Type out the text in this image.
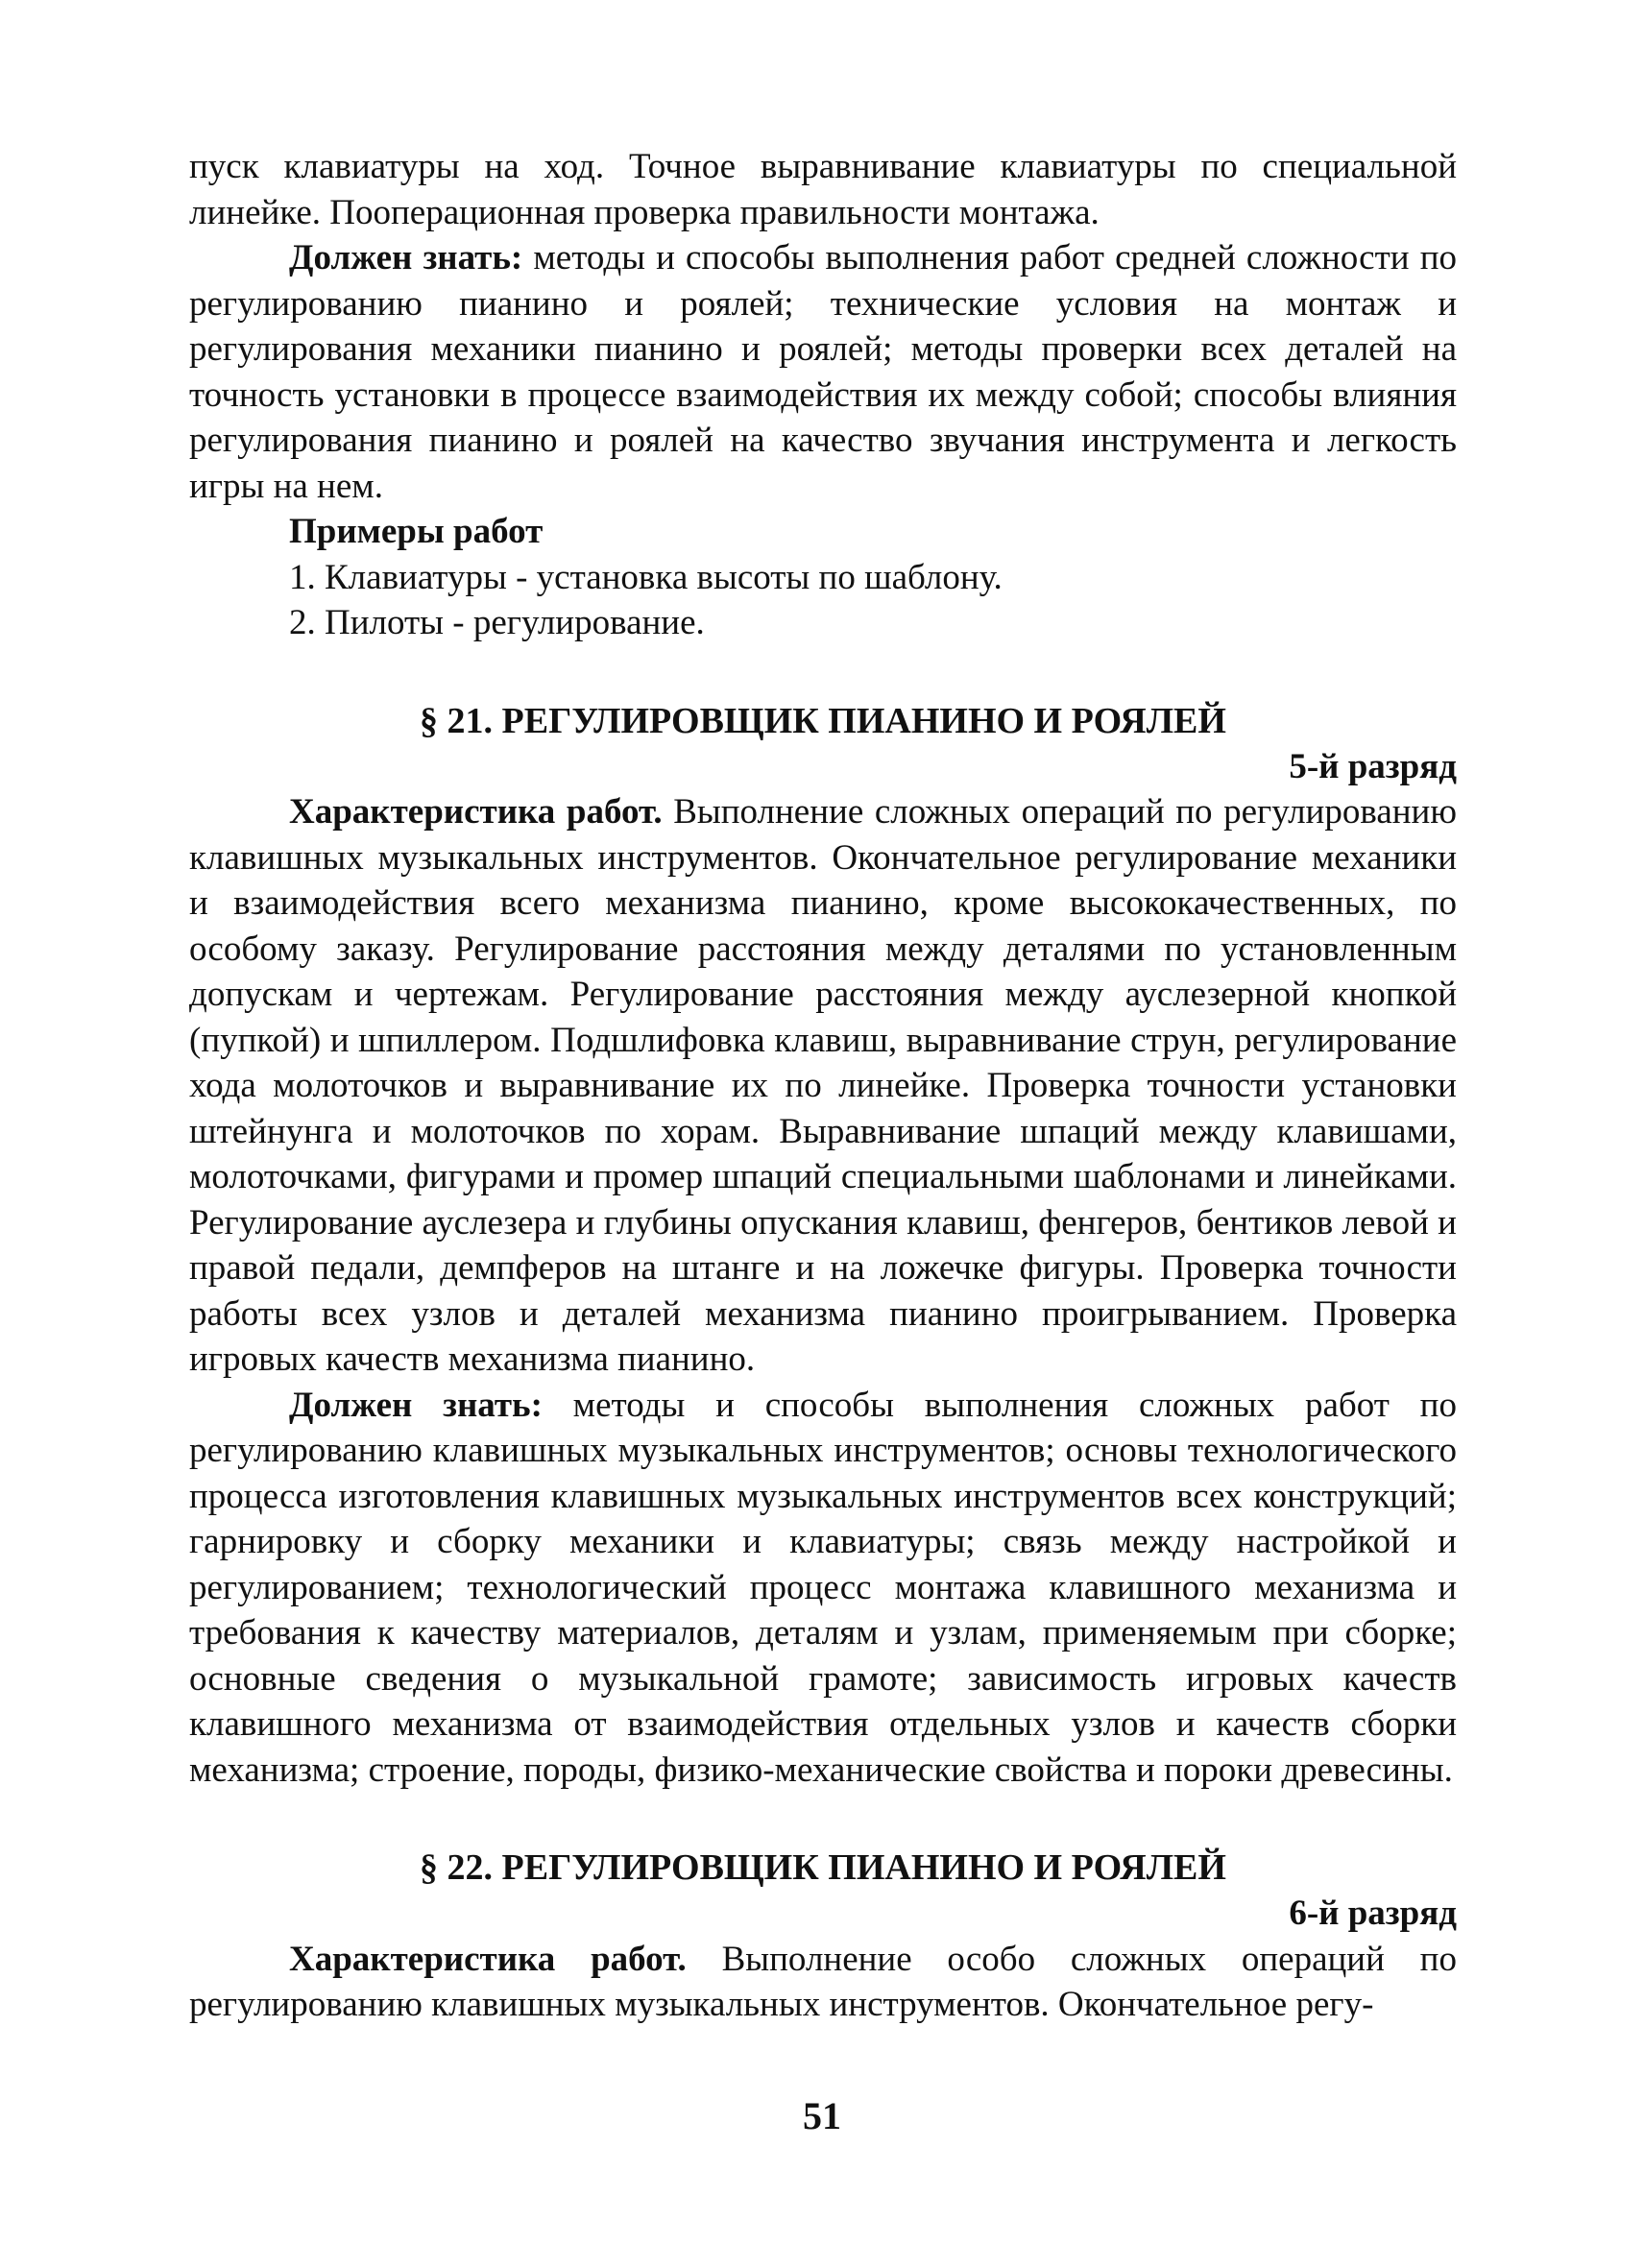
пуск клавиатуры на ход. Точное выравнивание клавиатуры по специальной линейке. Пооперационная проверка правильности монтажа.

Должен знать: методы и способы выполнения работ средней сложности по регулированию пианино и роялей; технические условия на монтаж и регулирования механики пианино и роялей; методы проверки всех деталей на точность установки в процессе взаимодействия их между собой; способы влияния регулирования пианино и роялей на качество звучания инструмента и легкость игры на нем.

Примеры работ

1. Клавиатуры - установка высоты по шаблону.

2. Пилоты - регулирование.

§ 21. РЕГУЛИРОВЩИК ПИАНИНО И РОЯЛЕЙ

5-й разряд

Характеристика работ. Выполнение сложных операций по регулированию клавишных музыкальных инструментов. Окончательное регулирование механики и взаимодействия всего механизма пианино, кроме высококачественных, по особому заказу. Регулирование расстояния между деталями по установленным допускам и чертежам. Регулирование расстояния между ауслезерной кнопкой (пупкой) и шпиллером. Подшлифовка клавиш, выравнивание струн, регулирование хода молоточков и выравнивание их по линейке. Проверка точности установки штейнунга и молоточков по хорам. Выравнивание шпаций между клавишами, молоточками, фигурами и промер шпаций специальными шаблонами и линейками. Регулирование ауслезера и глубины опускания клавиш, фенгеров, бентиков левой и правой педали, демпферов на штанге и на ложечке фигуры. Проверка точности работы всех узлов и деталей механизма пианино проигрыванием. Проверка игровых качеств механизма пианино.

Должен знать: методы и способы выполнения сложных работ по регулированию клавишных музыкальных инструментов; основы технологического процесса изготовления клавишных музыкальных инструментов всех конструкций; гарнировку и сборку механики и клавиатуры; связь между настройкой и регулированием; технологический процесс монтажа клавишного механизма и требования к качеству материалов, деталям и узлам, применяемым при сборке; основные сведения о музыкальной грамоте; зависимость игровых качеств клавишного механизма от взаимодействия отдельных узлов и качеств сборки механизма; строение, породы, физико-механические свойства и пороки древесины.

§ 22. РЕГУЛИРОВЩИК ПИАНИНО И РОЯЛЕЙ

6-й разряд

Характеристика работ. Выполнение особо сложных операций по регулированию клавишных музыкальных инструментов. Окончательное регу-

51
